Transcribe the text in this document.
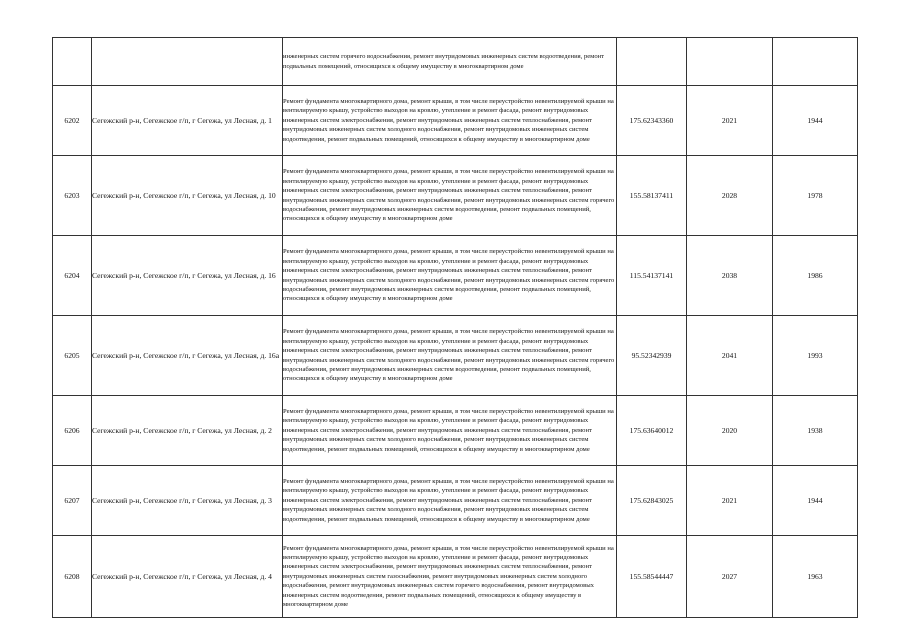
		инженерных систем горячего водоснабжения, ремонт внутридомовых инженерных систем водоотведения, ремонт подвальных помещений, относящихся к общему имуществу в многоквартирном доме			
6202	Сегежский р-н, Сегежское г/п, г Сегежа, ул Лесная, д. 1	Ремонт фундамента многоквартирного дома, ремонт крыши, в том числе переустройство невентилируемой крыши на вентилируемую крышу, устройство выходов на кровлю, утепление и ремонт фасада, ремонт внутридомовых инженерных систем электроснабжения, ремонт внутридомовых инженерных систем теплоснабжения, ремонт внутридомовых инженерных систем холодного водоснабжения, ремонт внутридомовых инженерных систем водоотведения, ремонт подвальных помещений, относящихся к общему имуществу в многоквартирном доме	175.62343360	2021	1944
6203	Сегежский р-н, Сегежское г/п, г Сегежа, ул Лесная, д. 10	Ремонт фундамента многоквартирного дома, ремонт крыши, в том числе переустройство невентилируемой крыши на вентилируемую крышу, устройство выходов на кровлю, утепление и ремонт фасада, ремонт внутридомовых инженерных систем электроснабжения, ремонт внутридомовых инженерных систем теплоснабжения, ремонт внутридомовых инженерных систем холодного водоснабжения, ремонт внутридомовых инженерных систем горячего водоснабжения, ремонт внутридомовых инженерных систем водоотведения, ремонт подвальных помещений, относящихся к общему имуществу в многоквартирном доме	155.58137411	2028	1978
6204	Сегежский р-н, Сегежское г/п, г Сегежа, ул Лесная, д. 16	Ремонт фундамента многоквартирного дома, ремонт крыши, в том числе переустройство невентилируемой крыши на вентилируемую крышу, устройство выходов на кровлю, утепление и ремонт фасада, ремонт внутридомовых инженерных систем электроснабжения, ремонт внутридомовых инженерных систем теплоснабжения, ремонт внутридомовых инженерных систем холодного водоснабжения, ремонт внутридомовых инженерных систем горячего водоснабжения, ремонт внутридомовых инженерных систем водоотведения, ремонт подвальных помещений, относящихся к общему имуществу в многоквартирном доме	115.54137141	2038	1986
6205	Сегежский р-н, Сегежское г/п, г Сегежа, ул Лесная, д. 16а	Ремонт фундамента многоквартирного дома, ремонт крыши, в том числе переустройство невентилируемой крыши на вентилируемую крышу, устройство выходов на кровлю, утепление и ремонт фасада, ремонт внутридомовых инженерных систем электроснабжения, ремонт внутридомовых инженерных систем теплоснабжения, ремонт внутридомовых инженерных систем холодного водоснабжения, ремонт внутридомовых инженерных систем горячего водоснабжения, ремонт внутридомовых инженерных систем водоотведения, ремонт подвальных помещений, относящихся к общему имуществу в многоквартирном доме	95.52342939	2041	1993
6206	Сегежский р-н, Сегежское г/п, г Сегежа, ул Лесная, д. 2	Ремонт фундамента многоквартирного дома, ремонт крыши, в том числе переустройство невентилируемой крыши на вентилируемую крышу, устройство выходов на кровлю, утепление и ремонт фасада, ремонт внутридомовых инженерных систем электроснабжения, ремонт внутридомовых инженерных систем теплоснабжения, ремонт внутридомовых инженерных систем холодного водоснабжения, ремонт внутридомовых инженерных систем водоотведения, ремонт подвальных помещений, относящихся к общему имуществу в многоквартирном доме	175.63640012	2020	1938
6207	Сегежский р-н, Сегежское г/п, г Сегежа, ул Лесная, д. 3	Ремонт фундамента многоквартирного дома, ремонт крыши, в том числе переустройство невентилируемой крыши на вентилируемую крышу, устройство выходов на кровлю, утепление и ремонт фасада, ремонт внутридомовых инженерных систем электроснабжения, ремонт внутридомовых инженерных систем теплоснабжения, ремонт внутридомовых инженерных систем холодного водоснабжения, ремонт внутридомовых инженерных систем водоотведения, ремонт подвальных помещений, относящихся к общему имуществу в многоквартирном доме	175.62843025	2021	1944
6208	Сегежский р-н, Сегежское г/п, г Сегежа, ул Лесная, д. 4	Ремонт фундамента многоквартирного дома, ремонт крыши, в том числе переустройство невентилируемой крыши на вентилируемую крышу, устройство выходов на кровлю, утепление и ремонт фасада, ремонт внутридомовых инженерных систем электроснабжения, ремонт внутридомовых инженерных систем теплоснабжения, ремонт внутридомовых инженерных систем газоснабжения, ремонт внутридомовых инженерных систем холодного водоснабжения, ремонт внутридомовых инженерных систем горячего водоснабжения, ремонт внутридомовых инженерных систем водоотведения, ремонт подвальных помещений, относящихся к общему имуществу в многоквартирном доме	155.58544447	2027	1963
